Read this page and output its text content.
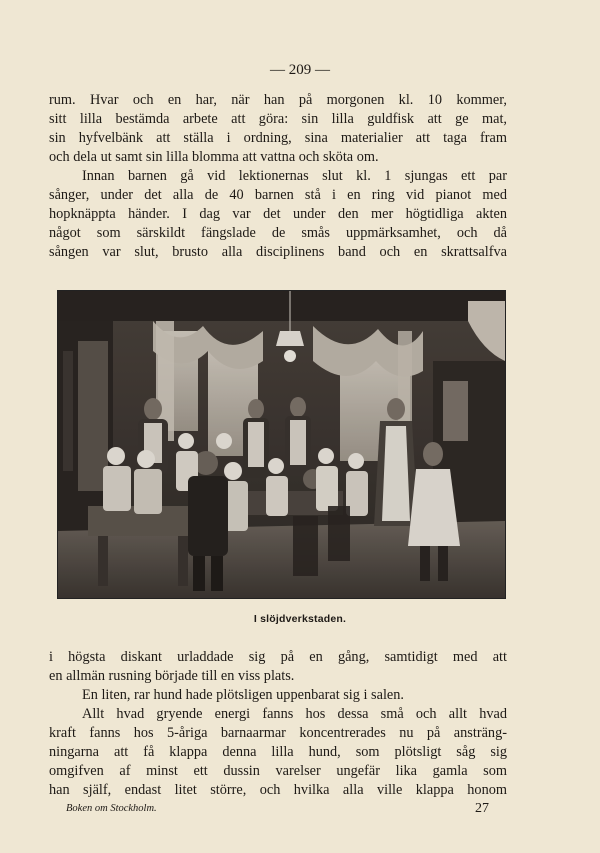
— 209 —
rum. Hvar och en har, när han på morgonen kl. 10 kommer,
sitt lilla bestämda arbete att göra: sin lilla guldfisk att ge mat,
sin hyfvelbänk att ställa i ordning, sina materialier att taga fram
och dela ut samt sin lilla blomma att vattna och sköta om.
Innan barnen gå vid lektionernas slut kl. 1 sjungas ett par
sånger, under det alla de 40 barnen stå i en ring vid pianot med
hopknäppta händer. I dag var det under den mer högtidliga akten
något som särskildt fängslade de smås uppmärksamhet, och då
sången var slut, brusto alla disciplinens band och en skrattsalfva
I slöjdverkstaden.
i högsta diskant urladdade sig på en gång, samtidigt med att
en allmän rusning började till en viss plats.
En liten, rar hund hade plötsligen uppenbarat sig i salen.
Allt hvad gryende energi fanns hos dessa små och allt hvad
kraft fanns hos 5-åriga barnaarmar koncentrerades nu på ansträng-
ningarna att få klappa denna lilla hund, som plötsligt såg sig
omgifven af minst ett dussin varelser ungefär lika gamla som
han själf, endast litet större, och hvilka alla ville klappa honom
Boken om Stockholm.	27
